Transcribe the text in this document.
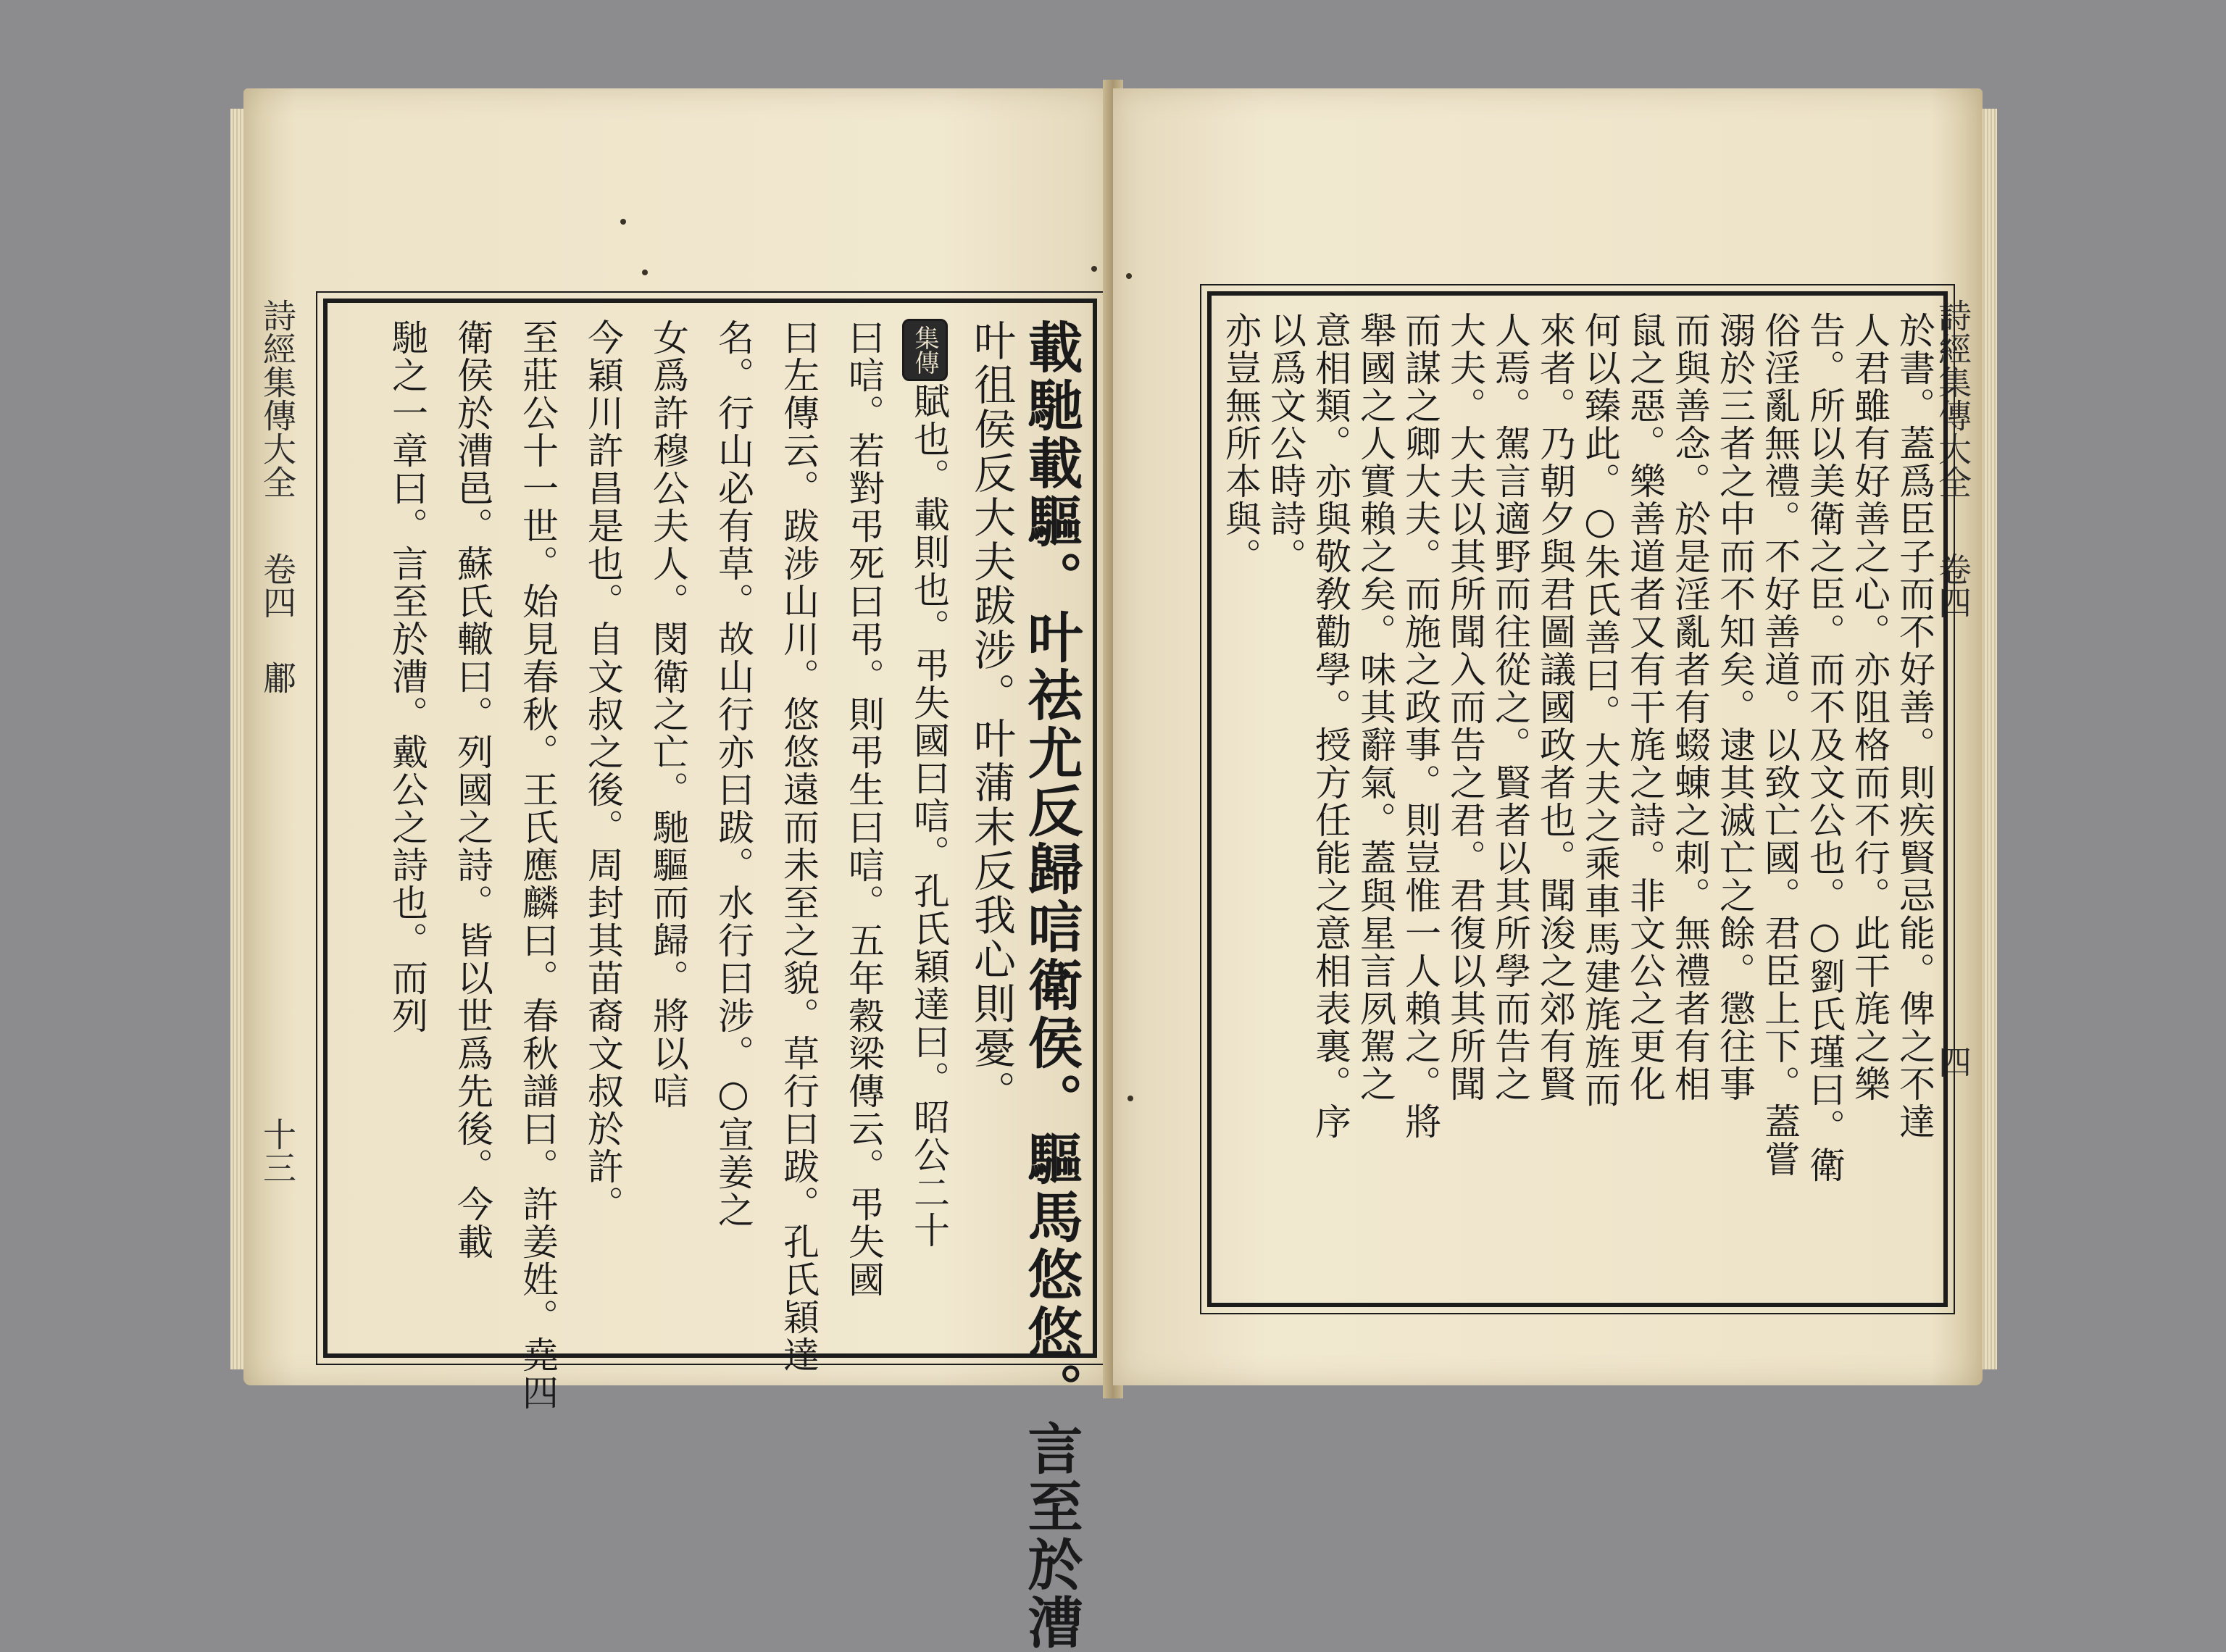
詩經集傳大全
卷四
鄘
十三	載馳載驅。叶祛尤反歸唁衛侯。驅馬悠悠。言至於漕
叶徂侯反大夫跋涉。叶蒲末反我心則憂。
集傳
賦也。載則也。弔失國曰唁。孔氏穎達曰。昭公二十
曰唁。若對弔死曰弔。則弔生曰唁。五年穀梁傳云。弔失國
曰左傳云。跋涉山川。悠悠遠而未至之貌。草行曰跋。孔氏穎達
名。行山必有草。故山行亦曰跋。水行曰涉。○宣姜之
女爲許穆公夫人。閔衛之亡。馳驅而歸。將以唁
今穎川許昌是也。自文叔之後。周封其苗裔文叔於許。
至莊公十一世。始見春秋。王氏應麟曰。春秋譜曰。許姜姓。堯四
衛侯於漕邑。蘇氏轍曰。列國之詩。皆以世爲先後。今載
馳之一章曰。言至於漕。戴公之詩也。而列	詩經集傳大全
卷四
四
於書。蓋爲臣子而不好善。則疾賢忌能。俾之不達
人君雖有好善之心。亦阻格而不行。此干旄之樂
告。所以美衛之臣。而不及文公也。○劉氏瑾曰。衛
俗淫亂無禮。不好善道。以致亡國。君臣上下。蓋嘗
溺於三者之中而不知矣。逮其滅亡之餘。懲往事
而與善念。於是淫亂者有蝃蝀之刺。無禮者有相
鼠之惡。樂善道者又有干旄之詩。非文公之更化
何以臻此。○朱氏善曰。大夫之乘車馬建旄旌而
來者。乃朝夕與君圖議國政者也。聞浚之郊有賢
人焉。駕言適野而往從之。賢者以其所學而告之
大夫。大夫以其所聞入而告之君。君復以其所聞
而謀之卿大夫。而施之政事。則豈惟一人賴之。將
舉國之人實賴之矣。味其辭氣。蓋與星言夙駕之
意相類。亦與敬敎勸學。授方任能之意相表裏。序
以爲文公時詩。
亦豈無所本與。
